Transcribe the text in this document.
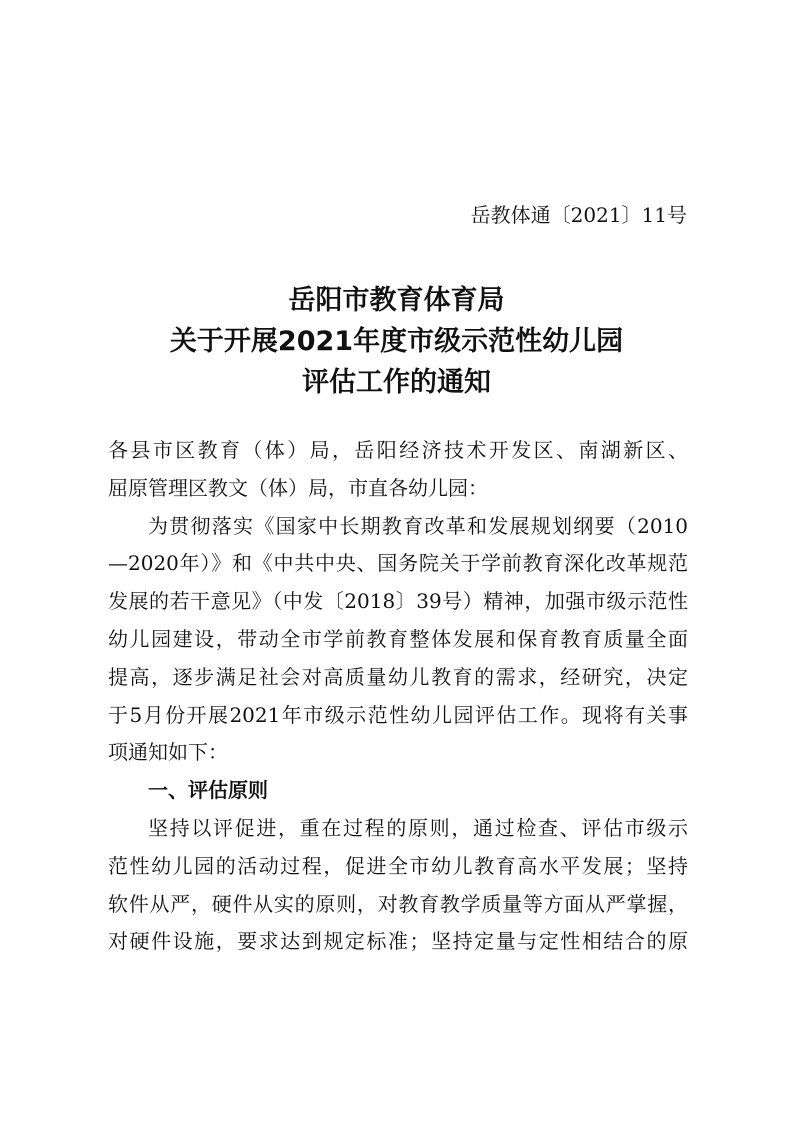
岳教体通〔2021〕11号
岳阳市教育体育局
关于开展2021年度市级示范性幼儿园
评估工作的通知
各县市区教育（体）局，岳阳经济技术开发区、南湖新区、
屈原管理区教文（体）局，市直各幼儿园：
为贯彻落实《国家中长期教育改革和发展规划纲要（2010
—2020年）》和《中共中央、国务院关于学前教育深化改革规范
发展的若干意见》（中发〔2018〕39号）精神，加强市级示范性
幼儿园建设，带动全市学前教育整体发展和保育教育质量全面
提高，逐步满足社会对高质量幼儿教育的需求，经研究，决定
于5月份开展2021年市级示范性幼儿园评估工作。现将有关事
项通知如下：
一、评估原则
坚持以评促进，重在过程的原则，通过检查、评估市级示
范性幼儿园的活动过程，促进全市幼儿教育高水平发展；坚持
软件从严，硬件从实的原则，对教育教学质量等方面从严掌握，
对硬件设施，要求达到规定标准；坚持定量与定性相结合的原
